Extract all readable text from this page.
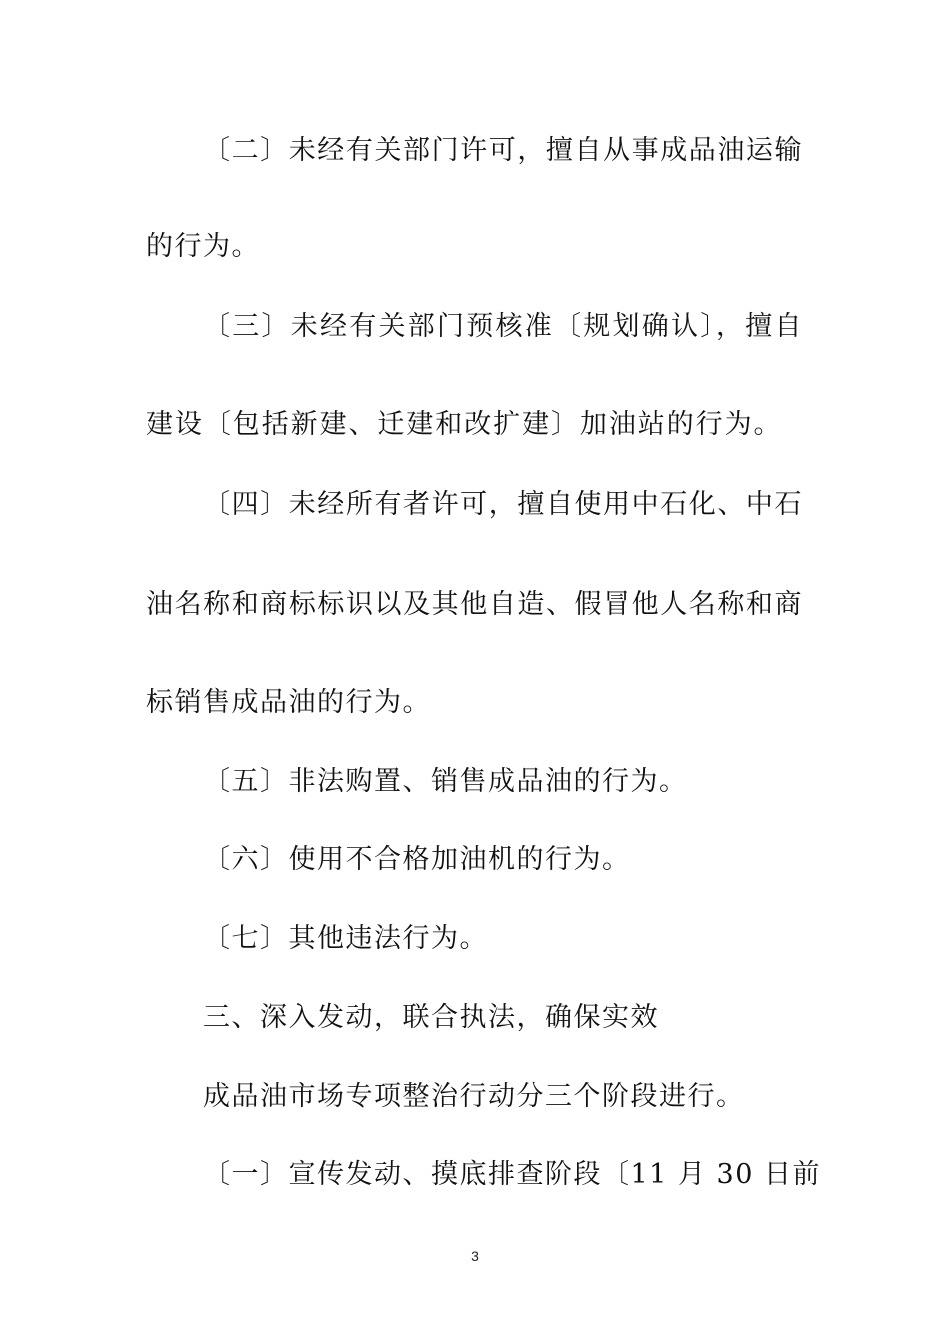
〔二〕未经有关部门许可，擅自从事成品油运输
的行为。
〔三〕未经有关部门预核准〔规划确认〕，擅自
建设〔包括新建、迁建和改扩建〕加油站的行为。
〔四〕未经所有者许可，擅自使用中石化、中石
油名称和商标标识以及其他自造、假冒他人名称和商
标销售成品油的行为。
〔五〕非法购置、销售成品油的行为。
〔六〕使用不合格加油机的行为。
〔七〕其他违法行为。
三、深入发动，联合执法，确保实效
成品油市场专项整治行动分三个阶段进行。
〔一〕宣传发动、摸底排查阶段〔11 月 30 日前
3
